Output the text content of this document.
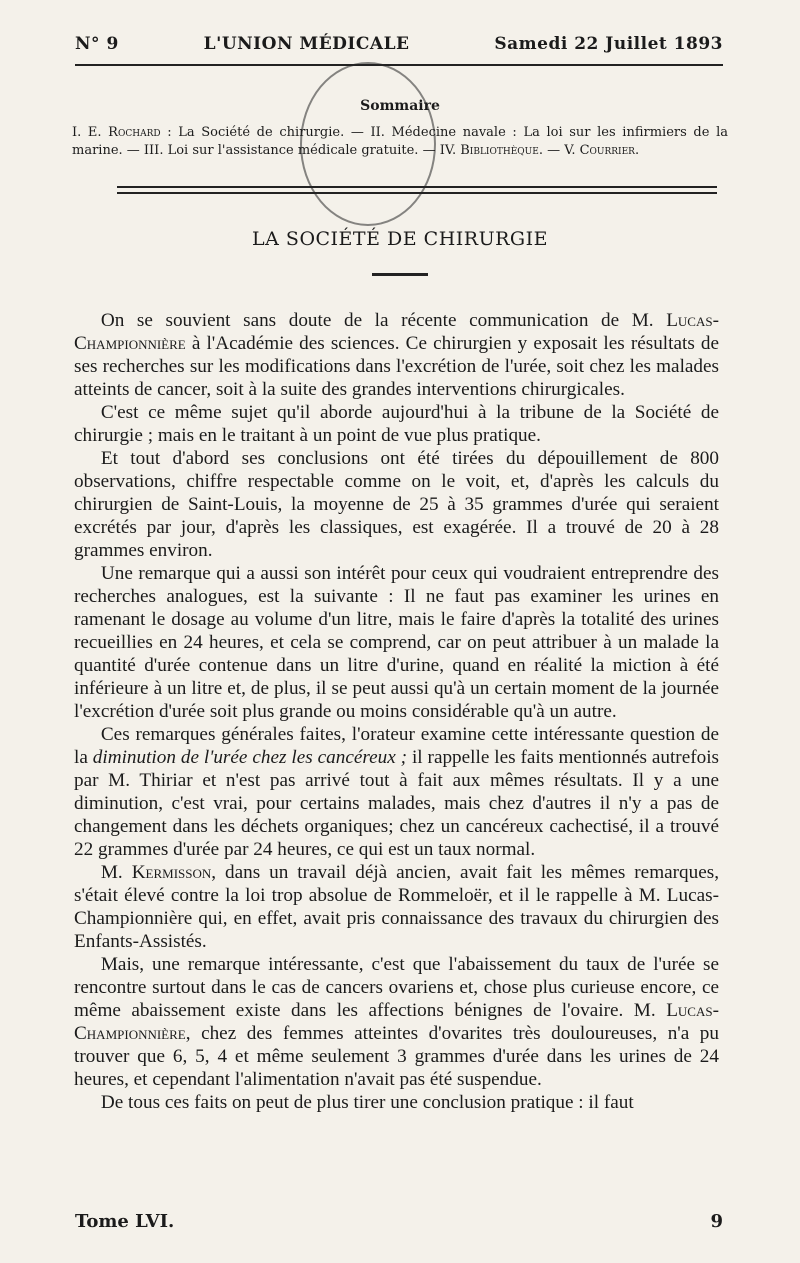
N° 9	L'UNION MÉDICALE	Samedi 22 Juillet 1893
Sommaire
I. E. Rochard : La Société de chirurgie. — II. Médecine navale : La loi sur les infirmiers de la marine. — III. Loi sur l'assistance médicale gratuite. — IV. Bibliothèque. — V. Courrier.
LA SOCIÉTÉ DE CHIRURGIE

On se souvient sans doute de la récente communication de M. Lucas-Championnière à l'Académie des sciences. Ce chirurgien y exposait les résultats de ses recherches sur les modifications dans l'excrétion de l'urée, soit chez les malades atteints de cancer, soit à la suite des grandes interventions chirurgicales.

C'est ce même sujet qu'il aborde aujourd'hui à la tribune de la Société de chirurgie ; mais en le traitant à un point de vue plus pratique.

Et tout d'abord ses conclusions ont été tirées du dépouillement de 800 observations, chiffre respectable comme on le voit, et, d'après les calculs du chirurgien de Saint-Louis, la moyenne de 25 à 35 grammes d'urée qui seraient excrétés par jour, d'après les classiques, est exagérée. Il a trouvé de 20 à 28 grammes environ.

Une remarque qui a aussi son intérêt pour ceux qui voudraient entreprendre des recherches analogues, est la suivante : Il ne faut pas examiner les urines en ramenant le dosage au volume d'un litre, mais le faire d'après la totalité des urines recueillies en 24 heures, et cela se comprend, car on peut attribuer à un malade la quantité d'urée contenue dans un litre d'urine, quand en réalité la miction à été inférieure à un litre et, de plus, il se peut aussi qu'à un certain moment de la journée l'excrétion d'urée soit plus grande ou moins considérable qu'à un autre.

Ces remarques générales faites, l'orateur examine cette intéressante question de la diminution de l'urée chez les cancéreux ; il rappelle les faits mentionnés autrefois par M. Thiriar et n'est pas arrivé tout à fait aux mêmes résultats. Il y a une diminution, c'est vrai, pour certains malades, mais chez d'autres il n'y a pas de changement dans les déchets organiques; chez un cancéreux cachectisé, il a trouvé 22 grammes d'urée par 24 heures, ce qui est un taux normal.

M. Kermisson, dans un travail déjà ancien, avait fait les mêmes remarques, s'était élevé contre la loi trop absolue de Rommeloër, et il le rappelle à M. Lucas-Championnière qui, en effet, avait pris connaissance des travaux du chirurgien des Enfants-Assistés.

Mais, une remarque intéressante, c'est que l'abaissement du taux de l'urée se rencontre surtout dans le cas de cancers ovariens et, chose plus curieuse encore, ce même abaissement existe dans les affections bénignes de l'ovaire. M. Lucas-Championnière, chez des femmes atteintes d'ovarites très douloureuses, n'a pu trouver que 6, 5, 4 et même seulement 3 grammes d'urée dans les urines de 24 heures, et cependant l'alimentation n'avait pas été suspendue.

De tous ces faits on peut de plus tirer une conclusion pratique : il faut

Tome LVI.	9
